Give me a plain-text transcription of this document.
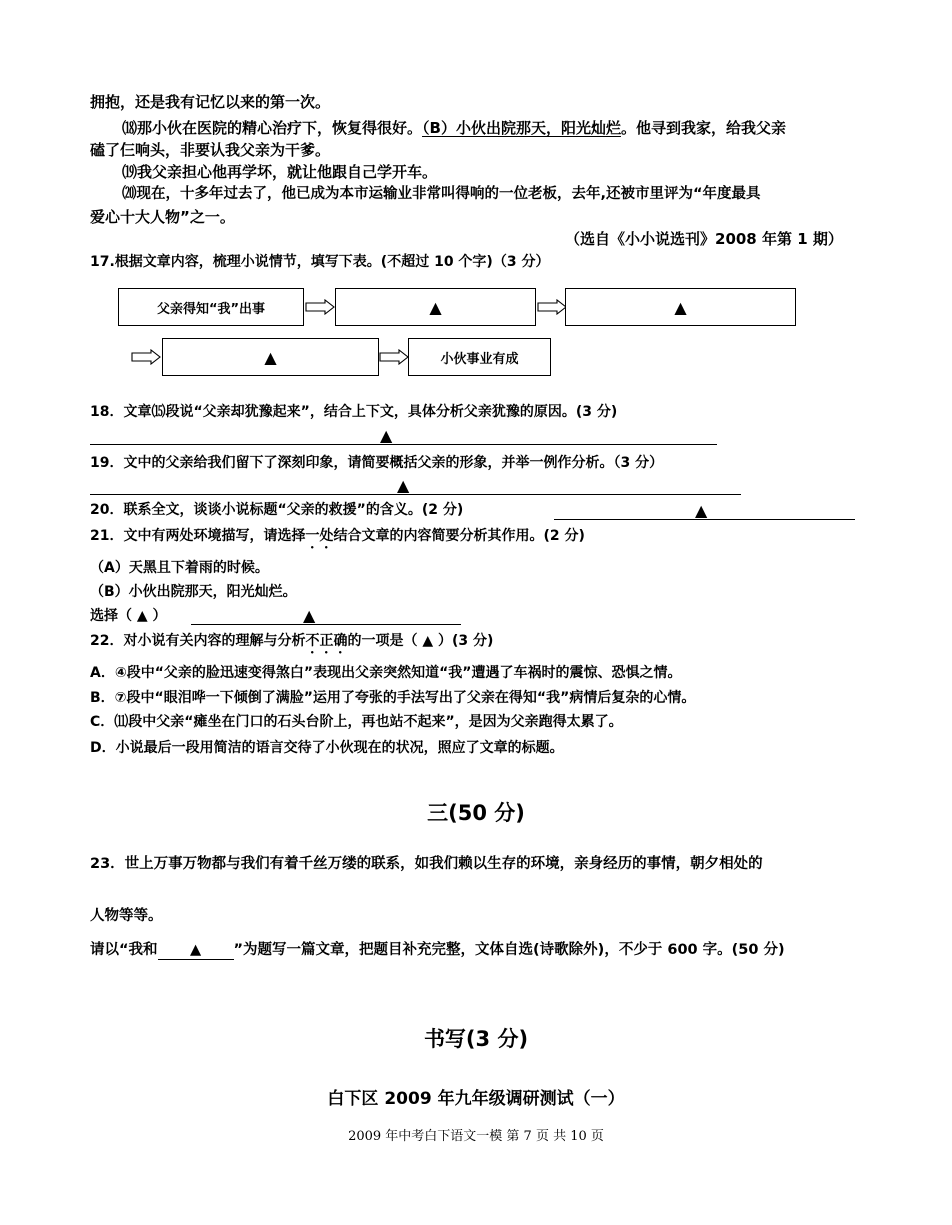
拥抱，还是我有记忆以来的第一次。
⒅那小伙在医院的精心治疗下，恢复得很好。（B）小伙出院那天，阳光灿烂。他寻到我家，给我父亲
磕了仨响头，非要认我父亲为干爹。
⒆我父亲担心他再学坏，就让他跟自己学开车。
⒇现在，十多年过去了，他已成为本市运输业非常叫得响的一位老板，去年,还被市里评为“年度最具
爱心十大人物”之一。
（选自《小小说选刊》2008 年第 1 期）
17.根据文章内容，梳理小说情节，填写下表。(不超过 10 个字)（3 分）
父亲得知“我”出事	▲	▲
▲	小伙事业有成
18．文章⒂段说“父亲却犹豫起来”，结合上下文，具体分析父亲犹豫的原因。(3 分)
▲
19．文中的父亲给我们留下了深刻印象，请简要概括父亲的形象，并举一例作分析。（3 分）
▲
20．联系全文，谈谈小说标题“父亲的救援”的含义。(2 分)	▲
21．文中有两处环境描写，请选择一处结合文章的内容简要分析其作用。(2 分)
（A）天黑且下着雨的时候。
（B）小伙出院那天，阳光灿烂。
选择（ ▲ ）	▲
22．对小说有关内容的理解与分析不正确的一项是（ ▲ ）(3 分)
A．④段中“父亲的脸迅速变得煞白”表现出父亲突然知道“我”遭遇了车祸时的震惊、恐惧之情。
B．⑦段中“眼泪哗一下倾倒了满脸”运用了夸张的手法写出了父亲在得知“我”病情后复杂的心情。
C．⑾段中父亲“瘫坐在门口的石头台阶上，再也站不起来”，是因为父亲跑得太累了。
D．小说最后一段用简洁的语言交待了小伙现在的状况，照应了文章的标题。
三(50 分)
23．世上万事万物都与我们有着千丝万缕的联系，如我们赖以生存的环境，亲身经历的事情，朝夕相处的
人物等等。
请以“我和 ▲ ”为题写一篇文章，把题目补充完整，文体自选(诗歌除外)，不少于 600 字。(50 分)
书写(3 分)
白下区 2009 年九年级调研测试（一）
2009 年中考白下语文一模 第 7 页 共 10 页
